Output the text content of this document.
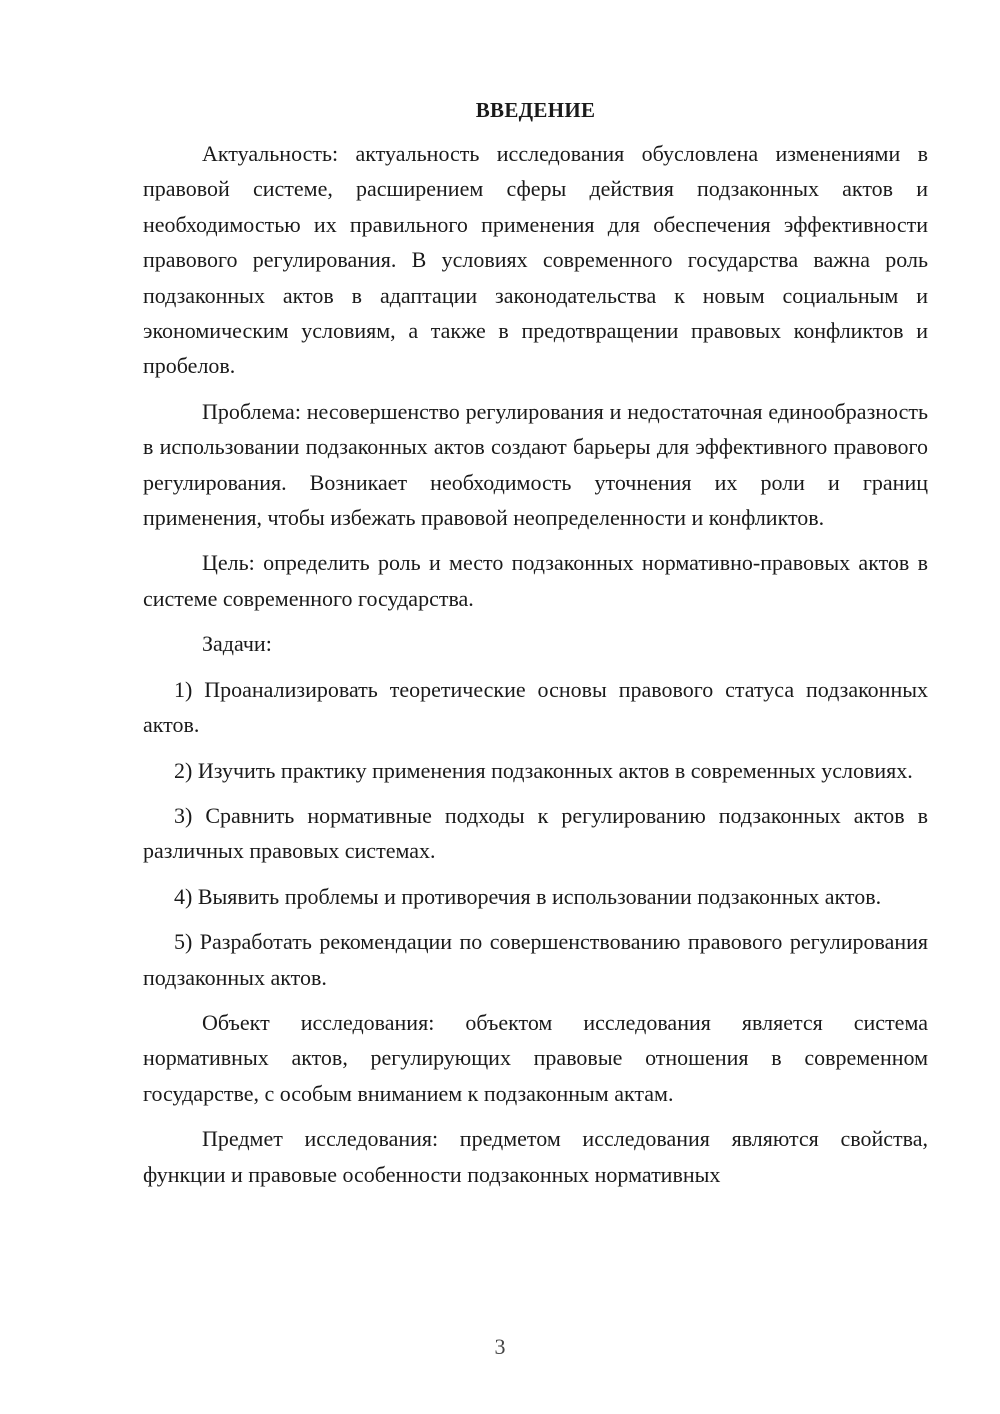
ВВЕДЕНИЕ

Актуальность: актуальность исследования обусловлена изменениями в правовой системе, расширением сферы действия подзаконных актов и необходимостью их правильного применения для обеспечения эффективности правового регулирования. В условиях современного государства важна роль подзаконных актов в адаптации законодательства к новым социальным и экономическим условиям, а также в предотвращении правовых конфликтов и пробелов.

Проблема: несовершенство регулирования и недостаточная единообразность в использовании подзаконных актов создают барьеры для эффективного правового регулирования. Возникает необходимость уточнения их роли и границ применения, чтобы избежать правовой неопределенности и конфликтов.

Цель: определить роль и место подзаконных нормативно-правовых актов в системе современного государства.

Задачи:

1) Проанализировать теоретические основы правового статуса подзаконных актов.

2) Изучить практику применения подзаконных актов в современных условиях.

3) Сравнить нормативные подходы к регулированию подзаконных актов в различных правовых системах.

4) Выявить проблемы и противоречия в использовании подзаконных актов.

5) Разработать рекомендации по совершенствованию правового регулирования подзаконных актов.

Объект исследования: объектом исследования является система нормативных актов, регулирующих правовые отношения в современном государстве, с особым вниманием к подзаконным актам.

Предмет исследования: предметом исследования являются свойства, функции и правовые особенности подзаконных нормативных

3
